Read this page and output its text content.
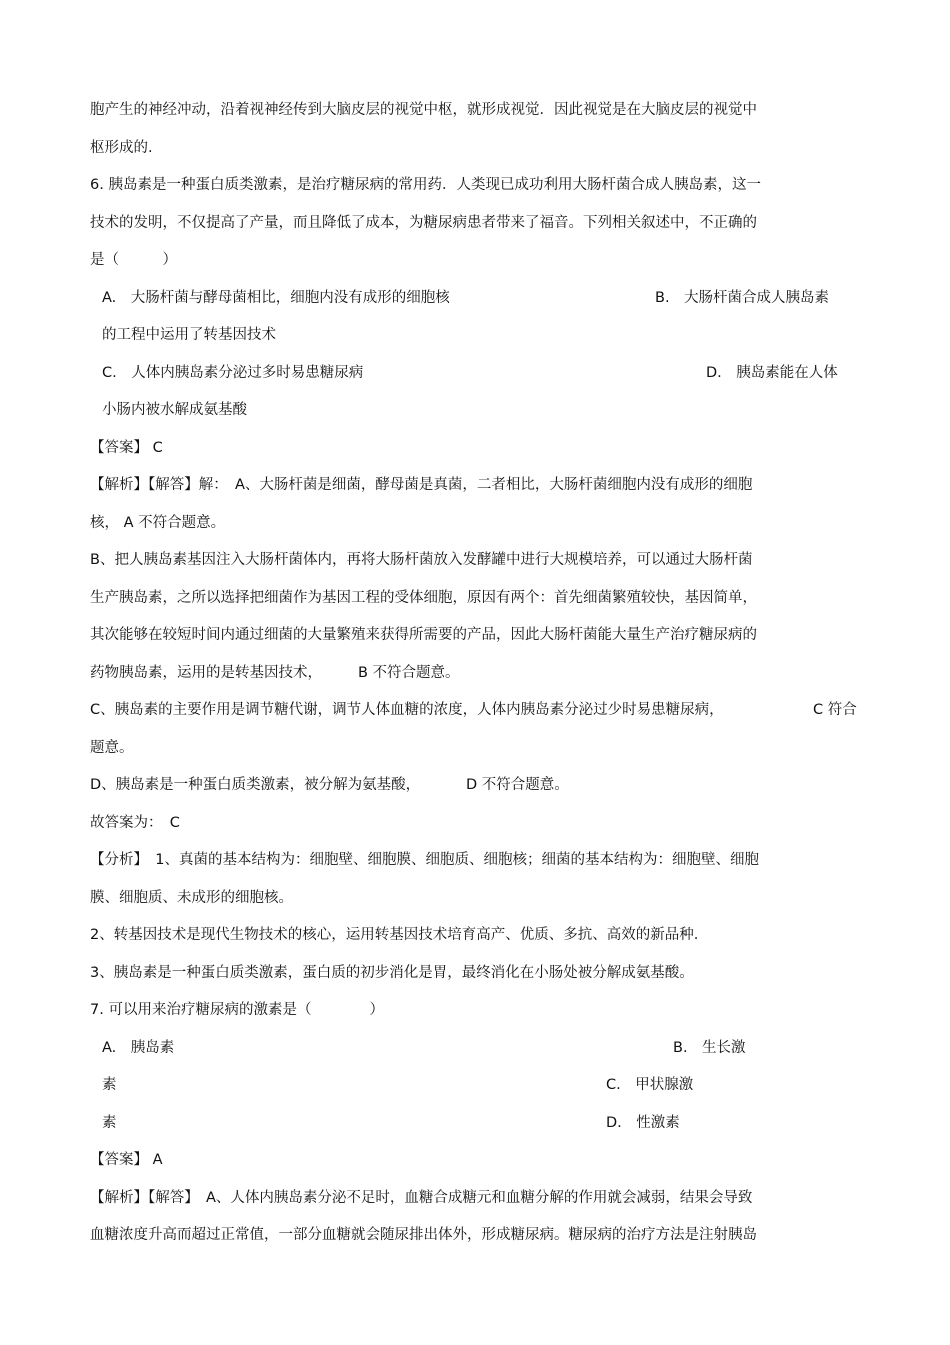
胞产生的神经冲动，沿着视神经传到大脑皮层的视觉中枢，就形成视觉．因此视觉是在大脑皮层的视觉中
枢形成的.
6. 胰岛素是一种蛋白质类激素，是治疗糖尿病的常用药．人类现已成功利用大肠杆菌合成人胰岛素，这一
技术的发明，不仅提高了产量，而且降低了成本，为糖尿病患者带来了福音。下列相关叙述中，不正确的
是（　　　）
A.　大肠杆菌与酵母菌相比，细胞内没有成形的细胞核	B.　大肠杆菌合成人胰岛素
的工程中运用了转基因技术
C.　人体内胰岛素分泌过多时易患糖尿病	D.　胰岛素能在人体
小肠内被水解成氨基酸
【答案】 C
【解析】【解答】解：　A、大肠杆菌是细菌，酵母菌是真菌，二者相比，大肠杆菌细胞内没有成形的细胞
核， A 不符合题意。
B、把人胰岛素基因注入大肠杆菌体内，再将大肠杆菌放入发酵罐中进行大规模培养，可以通过大肠杆菌
生产胰岛素，之所以选择把细菌作为基因工程的受体细胞，原因有两个：首先细菌繁殖较快，基因简单，
其次能够在较短时间内通过细菌的大量繁殖来获得所需要的产品，因此大肠杆菌能大量生产治疗糖尿病的
药物胰岛素，运用的是转基因技术， B 不符合题意。
C、胰岛素的主要作用是调节糖代谢，调节人体血糖的浓度，人体内胰岛素分泌过少时易患糖尿病，	C 符合
题意。
D、胰岛素是一种蛋白质类激素，被分解为氨基酸，	D 不符合题意。
故答案为：　C
【分析】　1、真菌的基本结构为：细胞壁、细胞膜、细胞质、细胞核；细菌的基本结构为：细胞壁、细胞
膜、细胞质、未成形的细胞核。
2、转基因技术是现代生物技术的核心，运用转基因技术培育高产、优质、多抗、高效的新品种.
3、胰岛素是一种蛋白质类激素，蛋白质的初步消化是胃，最终消化在小肠处被分解成氨基酸。
7. 可以用来治疗糖尿病的激素是（　　　　）
A.　胰岛素	B.　生长激
素	C.　甲状腺激
素	D.　性激素
【答案】 A
【解析】【解答】　A、人体内胰岛素分泌不足时，血糖合成糖元和血糖分解的作用就会减弱，结果会导致
血糖浓度升高而超过正常值，一部分血糖就会随尿排出体外，形成糖尿病。糖尿病的治疗方法是注射胰岛
